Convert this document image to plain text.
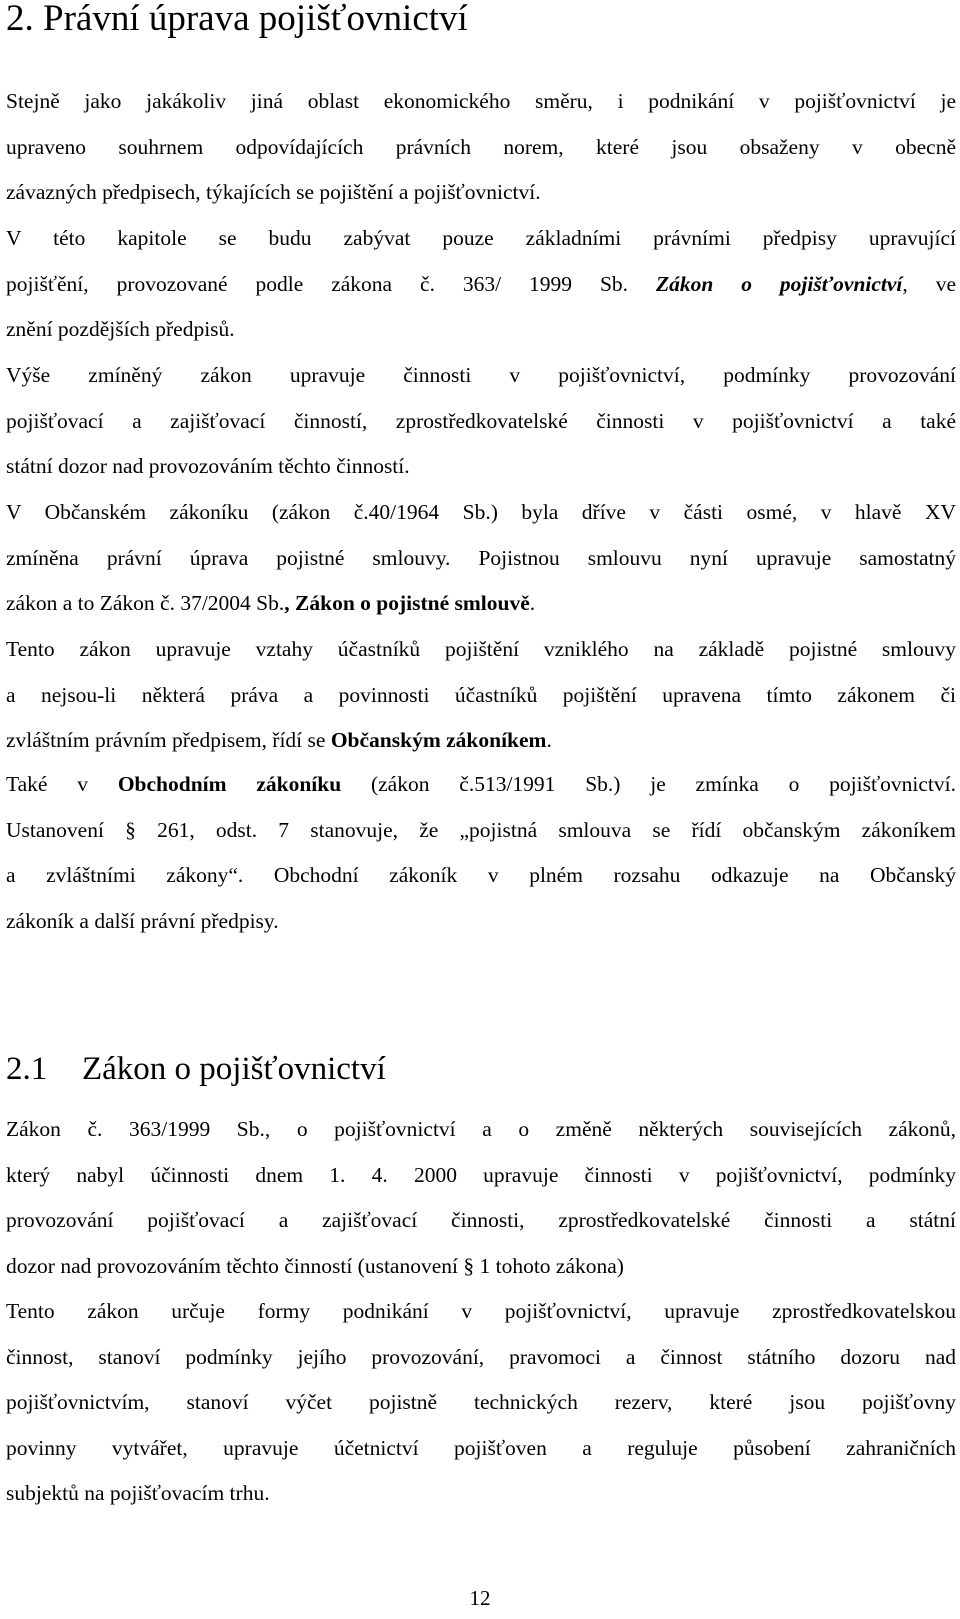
2. Právní úprava pojišťovnictví
Stejně jako jakákoliv jiná oblast ekonomického směru, i podnikání v pojišťovnictví je
upraveno souhrnem odpovídajících právních norem, které jsou obsaženy v obecně
závazných předpisech, týkajících se pojištění a pojišťovnictví.
V této kapitole se budu zabývat pouze základními právními předpisy upravující
pojišťění, provozované podle zákona č. 363/ 1999 Sb. Zákon o pojišťovnictví, ve
znění pozdějších předpisů.
Výše zmíněný zákon upravuje činnosti v pojišťovnictví, podmínky provozování
pojišťovací a zajišťovací činností, zprostředkovatelské činnosti v pojišťovnictví a také
státní dozor nad provozováním těchto činností.
V Občanském zákoníku (zákon č.40/1964 Sb.) byla dříve v části osmé, v hlavě XV
zmíněna právní úprava pojistné smlouvy. Pojistnou smlouvu nyní upravuje samostatný
zákon a to Zákon č. 37/2004 Sb., Zákon o pojistné smlouvě.
Tento zákon upravuje vztahy účastníků pojištění vzniklého na základě pojistné smlouvy
a nejsou-li některá práva a povinnosti účastníků pojištění upravena tímto zákonem či
zvláštním právním předpisem, řídí se Občanským zákoníkem.
Také v Obchodním zákoníku (zákon č.513/1991 Sb.) je zmínka o pojišťovnictví.
Ustanovení § 261, odst. 7 stanovuje, že „pojistná smlouva se řídí občanským zákoníkem
a zvláštními zákony“. Obchodní zákoník v plném rozsahu odkazuje na Občanský
zákoník a další právní předpisy.
2.1 Zákon o pojišťovnictví
Zákon č. 363/1999 Sb., o pojišťovnictví a o změně některých souvisejících zákonů,
který nabyl účinnosti dnem 1. 4. 2000 upravuje činnosti v pojišťovnictví, podmínky
provozování pojišťovací a zajišťovací činnosti, zprostředkovatelské činnosti a státní
dozor nad provozováním těchto činností (ustanovení § 1 tohoto zákona)
Tento zákon určuje formy podnikání v pojišťovnictví, upravuje zprostředkovatelskou
činnost, stanoví podmínky jejího provozování, pravomoci a činnost státního dozoru nad
pojišťovnictvím, stanoví výčet pojistně technických rezerv, které jsou pojišťovny
povinny vytvářet, upravuje účetnictví pojišťoven a reguluje působení zahraničních
subjektů na pojišťovacím trhu.
12
